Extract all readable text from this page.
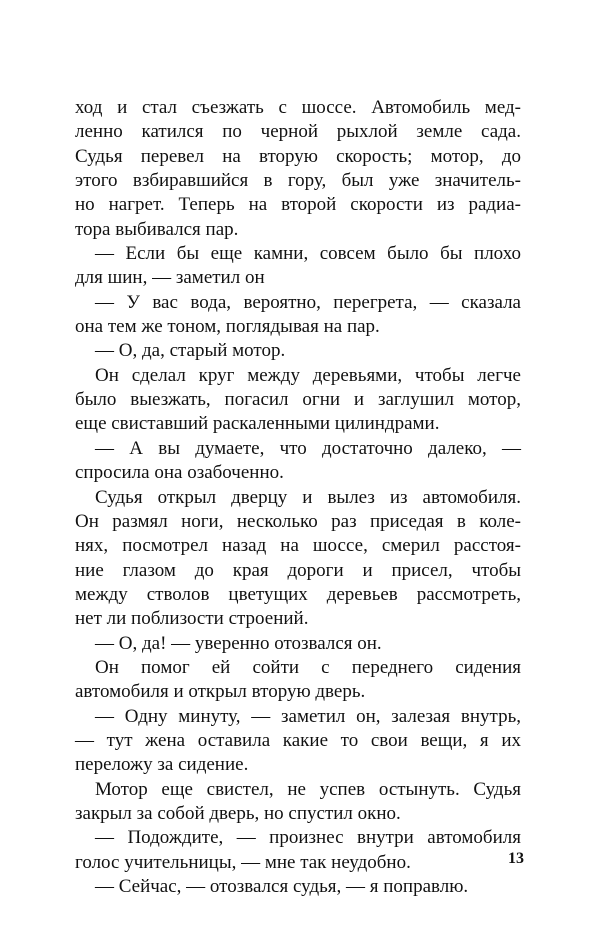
ход и стал съезжать с шоссе. Автомобиль мед-
ленно катился по черной рыхлой земле сада.
Судья перевел на вторую скорость; мотор, до
этого взбиравшийся в гору, был уже значитель-
но нагрет. Теперь на второй скорости из радиа-
тора выбивался пар.
— Если бы еще камни, совсем было бы плохо
для шин, — заметил он
— У вас вода, вероятно, перегрета, — сказала
она тем же тоном, поглядывая на пар.
— О, да, старый мотор.
Он сделал круг между деревьями, чтобы легче
было выезжать, погасил огни и заглушил мотор,
еще свиставший раскаленными цилиндрами.
— А вы думаете, что достаточно далеко, —
спросила она озабоченно.
Судья открыл дверцу и вылез из автомобиля.
Он размял ноги, несколько раз приседая в коле-
нях, посмотрел назад на шоссе, смерил расстоя-
ние глазом до края дороги и присел, чтобы
между стволов цветущих деревьев рассмотреть,
нет ли поблизости строений.
— О, да! — уверенно отозвался он.
Он помог ей сойти с переднего сидения
автомобиля и открыл вторую дверь.
— Одну минуту, — заметил он, залезая внутрь,
— тут жена оставила какие то свои вещи, я их
переложу за сидение.
Мотор еще свистел, не успев остынуть. Судья
закрыл за собой дверь, но спустил окно.
— Подождите, — произнес внутри автомобиля
голос учительницы, — мне так неудобно.
— Сейчас, — отозвался судья, — я поправлю.
13
